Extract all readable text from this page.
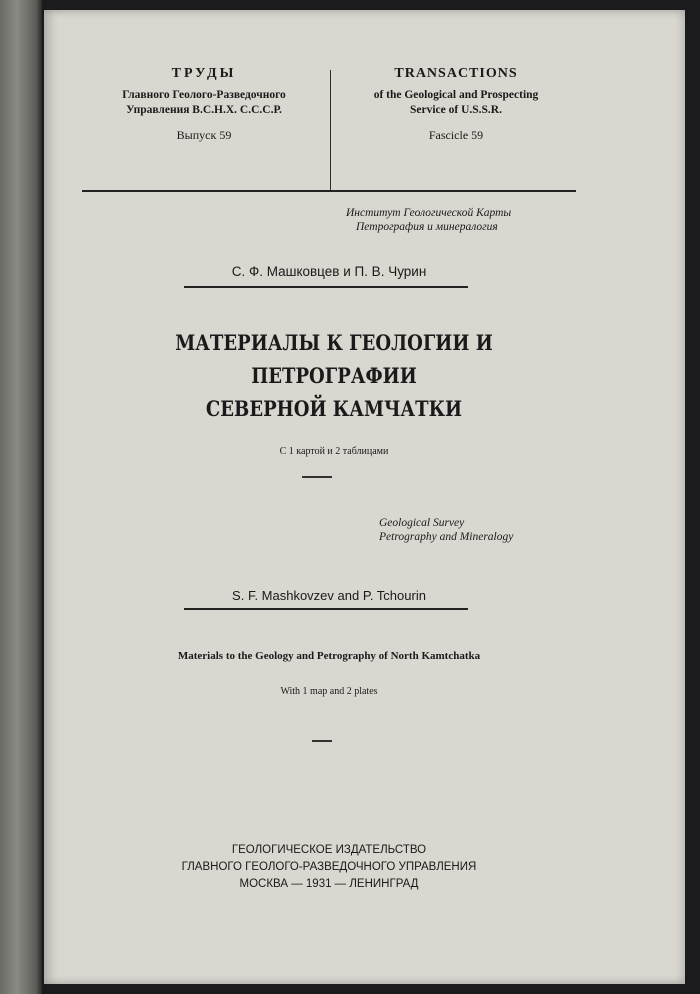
ТРУДЫ
Главного Геолого-Разведочного
Управления В.С.Н.Х. С.С.С.Р.
Выпуск 59
TRANSACTIONS
of the Geological and Prospecting
Service of U.S.S.R.
Fascicle 59
Институт Геологической Карты
Петрография и минералогия
С. Ф. Машковцев и П. В. Чурин
МАТЕРИАЛЫ К ГЕОЛОГИИ И ПЕТРОГРАФИИ
СЕВЕРНОЙ КАМЧАТКИ
С 1 картой и 2 таблицами
Geological Survey
Petrography and Mineralogy
S. F. Mashkovzev and P. Tchourin
Materials to the Geology and Petrography of North Kamtchatka
With 1 map and 2 plates
ГЕОЛОГИЧЕСКОЕ ИЗДАТЕЛЬСТВО
ГЛАВНОГО ГЕОЛОГО-РАЗВЕДОЧНОГО УПРАВЛЕНИЯ
МОСКВА — 1931 — ЛЕНИНГРАД
